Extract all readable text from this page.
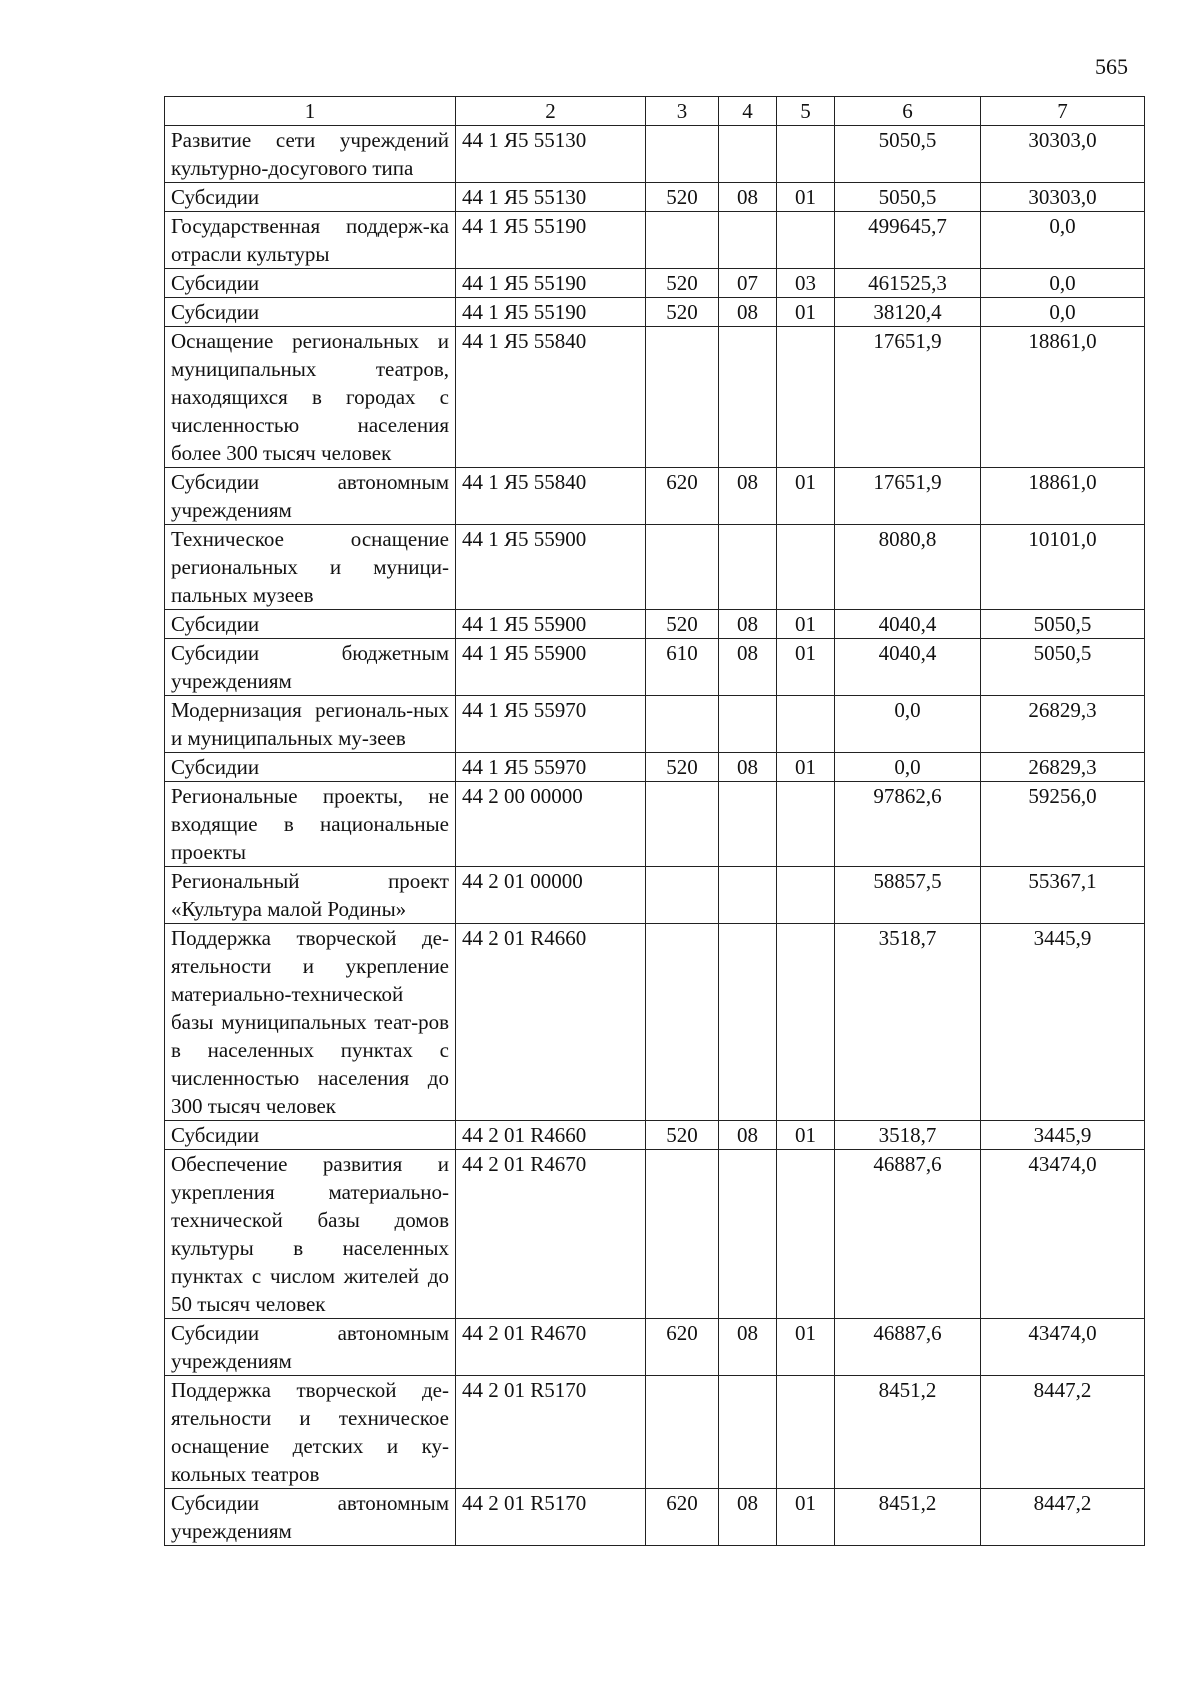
565
1	2	3	4	5	6	7
Развитие сети учреждений культурно-досугового типа	44 1 Я5 55130				5050,5	30303,0
Субсидии	44 1 Я5 55130	520	08	01	5050,5	30303,0
Государственная поддерж-ка отрасли культуры	44 1 Я5 55190				499645,7	0,0
Субсидии	44 1 Я5 55190	520	07	03	461525,3	0,0
Субсидии	44 1 Я5 55190	520	08	01	38120,4	0,0
Оснащение региональных и муниципальных театров, находящихся в городах с численностью населения более 300 тысяч человек	44 1 Я5 55840				17651,9	18861,0
Субсидии автономным учреждениям	44 1 Я5 55840	620	08	01	17651,9	18861,0
Техническое оснащение региональных и муници-пальных музеев	44 1 Я5 55900				8080,8	10101,0
Субсидии	44 1 Я5 55900	520	08	01	4040,4	5050,5
Субсидии бюджетным учреждениям	44 1 Я5 55900	610	08	01	4040,4	5050,5
Модернизация региональ-ных и муниципальных му-зеев	44 1 Я5 55970				0,0	26829,3
Субсидии	44 1 Я5 55970	520	08	01	0,0	26829,3
Региональные проекты, не входящие в национальные проекты	44 2 00 00000				97862,6	59256,0
Региональный проект «Культура малой Родины»	44 2 01 00000				58857,5	55367,1
Поддержка творческой де-ятельности и укрепление материально-технической базы муниципальных теат-ров в населенных пунктах с численностью населения до 300 тысяч человек	44 2 01 R4660				3518,7	3445,9
Субсидии	44 2 01 R4660	520	08	01	3518,7	3445,9
Обеспечение развития и укрепления материально-технической базы домов культуры в населенных пунктах с числом жителей до 50 тысяч человек	44 2 01 R4670				46887,6	43474,0
Субсидии автономным учреждениям	44 2 01 R4670	620	08	01	46887,6	43474,0
Поддержка творческой де-ятельности и техническое оснащение детских и ку-кольных театров	44 2 01 R5170				8451,2	8447,2
Субсидии автономным учреждениям	44 2 01 R5170	620	08	01	8451,2	8447,2
